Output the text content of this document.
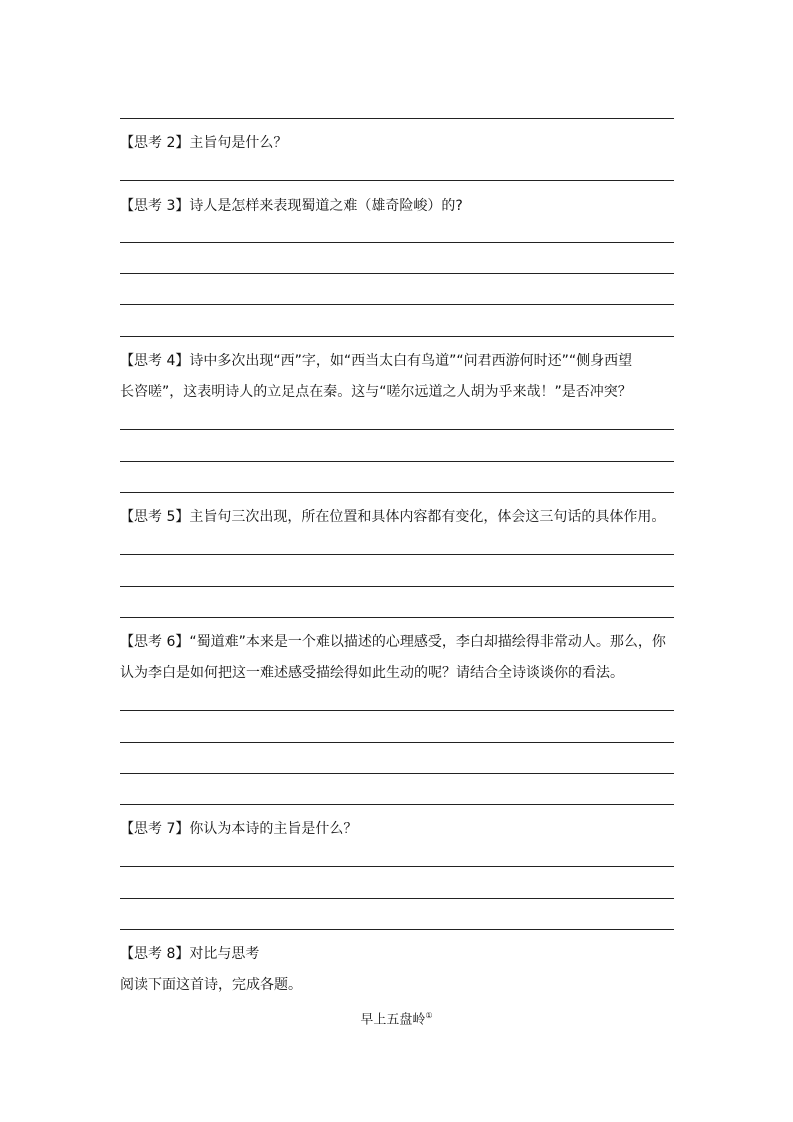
【思考 2】主旨句是什么？
【思考 3】诗人是怎样来表现蜀道之难（雄奇险峻）的?
【思考 4】诗中多次出现“西”字，如“西当太白有鸟道”“问君西游何时还”“侧身西望
长咨嗟”，这表明诗人的立足点在秦。这与“嗟尔远道之人胡为乎来哉！”是否冲突？
【思考 5】主旨句三次出现，所在位置和具体内容都有变化，体会这三句话的具体作用。
【思考 6】“蜀道难”本来是一个难以描述的心理感受，李白却描绘得非常动人。那么，你
认为李白是如何把这一难述感受描绘得如此生动的呢？请结合全诗谈谈你的看法。
【思考 7】你认为本诗的主旨是什么？
【思考 8】对比与思考
阅读下面这首诗，完成各题。
早上五盘岭①
